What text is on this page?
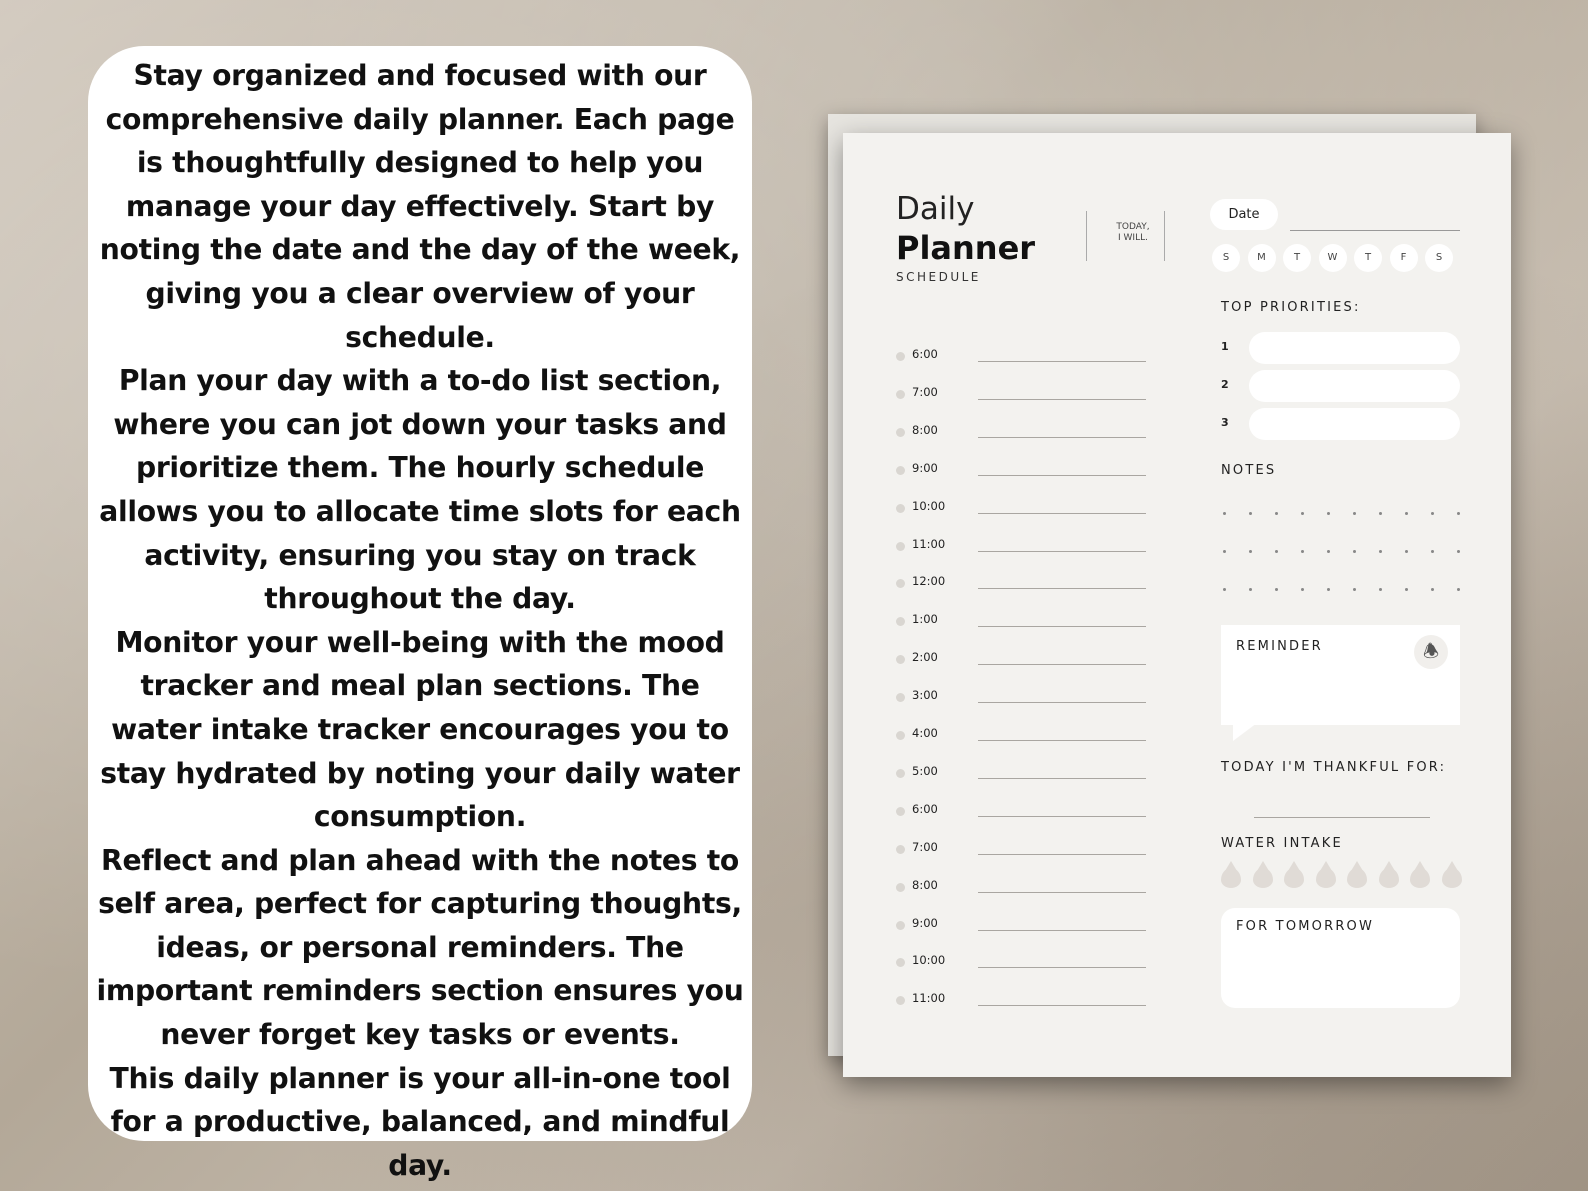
Stay organized and focused with our comprehensive daily planner. Each page is thoughtfully designed to help you manage your day effectively. Start by noting the date and the day of the week, giving you a clear overview of your schedule.

Plan your day with a to-do list section, where you can jot down your tasks and prioritize them. The hourly schedule allows you to allocate time slots for each activity, ensuring you stay on track throughout the day.

Monitor your well-being with the mood tracker and meal plan sections. The water intake tracker encourages you to stay hydrated by noting your daily water consumption.

Reflect and plan ahead with the notes to self area, perfect for capturing thoughts, ideas, or personal reminders. The important reminders section ensures you never forget key tasks or events.

This daily planner is your all-in-one tool for a productive, balanced, and mindful day.

Daily
Planner
SCHEDULE
TODAY,
I WILL.
Date
S	M	T	W	T	F	S
6:00
7:00
8:00
9:00
10:00
11:00
12:00
1:00
2:00
3:00
4:00
5:00
6:00
7:00
8:00
9:00
10:00
11:00
TOP PRIORITIES:
1
2
3
NOTES
REMINDER	🕭
TODAY I'M THANKFUL FOR:
WATER INTAKE
FOR TOMORROW
